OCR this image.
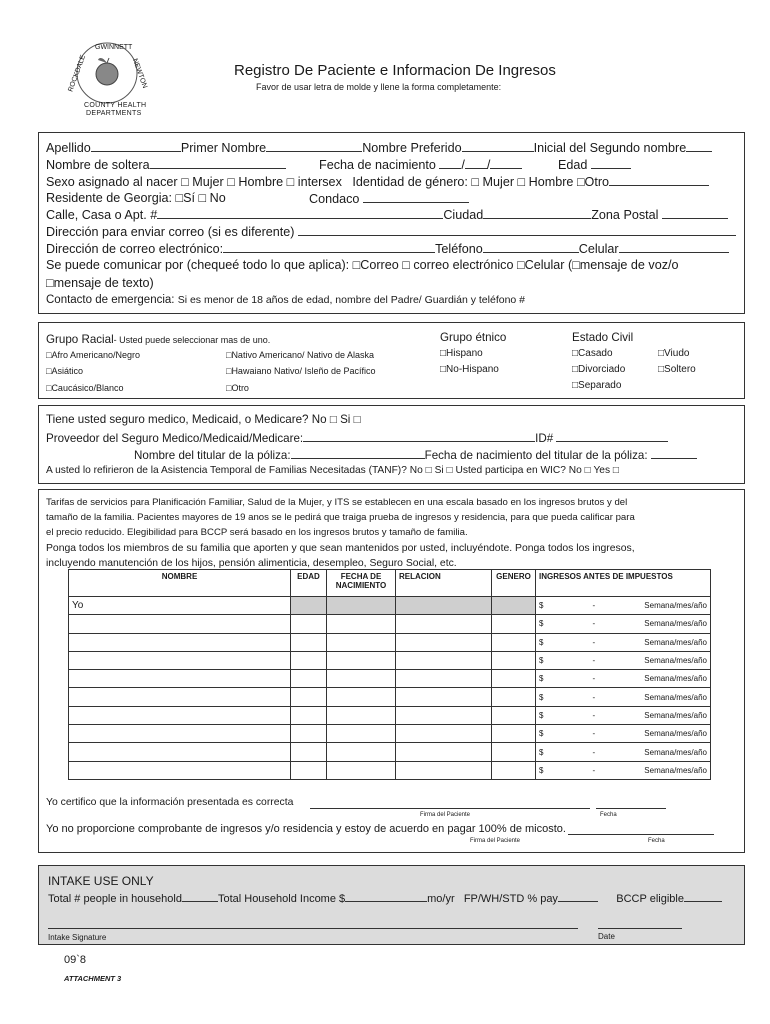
GWINNETT
ROCKDALE	NEWTON
COUNTY HEALTH
DEPARTMENTS
Registro De Paciente e Informacion De Ingresos
Favor de usar letra de molde y llene la forma completamente:
Apellido	Primer Nombre	Nombre Preferido	Inicial del Segundo nombre
Nombre de soltera	Fecha de nacimiento / /	Edad
Sexo asignado al nacer □ Mujer □ Hombre □ intersex Identidad de género: □ Mujer □ Hombre □Otro
Residente de Georgia: □Sí □ No	Condaco
Calle, Casa o Apt. #	Ciudad	Zona Postal
Dirección para enviar correo (si es diferente)
Dirección de correo electrónico:	Teléfono	Celular
Se puede comunicar por (chequeé todo lo que aplica): □Correo □ correo electrónico □Celular (□mensaje de voz/o
□mensaje de texto)
Contacto de emergencia: Si es menor de 18 años de edad, nombre del Padre/ Guardián y teléfono #
Grupo Racial- Usted puede seleccionar mas de uno.
□Afro Americano/Negro
□Asiático
□Caucásico/Blanco
□Nativo Americano/ Nativo de Alaska
□Hawaiano Nativo/ Isleño de Pacífico
□Otro
Grupo étnico
□Hispano
□No-Hispano
Estado Civil
□Casado	□Viudo
□Divorciado	□Soltero
□Separado
Tiene usted seguro medico, Medicaid, o Medicare? No □ Si □
Proveedor del Seguro Medico/Medicaid/Medicare:	ID#
Nombre del titular de la póliza:	Fecha de nacimiento del titular de la póliza:
A usted lo refirieron de la Asistencia Temporal de Familias Necesitadas (TANF)? No □ Si □ Usted participa en WIC? No □ Yes □
Tarifas de servicios para Planificación Familiar, Salud de la Mujer, y ITS se establecen en una escala basado en los ingresos brutos y del
tamaño de la familia. Pacientes mayores de 19 anos se le pedirá que traiga prueba de ingresos y residencia, para que pueda calificar para
el precio reducido. Elegibilidad para BCCP será basado en los ingresos brutos y tamaño de familia.
Ponga todos los miembros de su familia que aporten y que sean mantenidos por usted, incluyéndote. Ponga todos los ingresos,
incluyendo manutención de los hijos, pensión alimenticia, desempleo, Seguro Social, etc.
NOMBRE	EDAD	FECHA DE NACIMIENTO	RELACION	GENERO	INGRESOS ANTES DE IMPUESTOS
Yo					$ - Semana/mes/año

					$ - Semana/mes/año

					$ - Semana/mes/año

					$ - Semana/mes/año

					$ - Semana/mes/año

					$ - Semana/mes/año

					$ - Semana/mes/año

					$ - Semana/mes/año

					$ - Semana/mes/año

					$ - Semana/mes/año
Yo certifico que la información presentada es correcta
Firma del Paciente	Fecha
Yo no proporcione comprobante de ingresos y/o residencia y estoy de acuerdo en pagar 100% de micosto.
Firma del Paciente	Fecha
INTAKE USE ONLY
Total # people in household	Total Household Income $	mo/yr FP/WH/STD % pay	BCCP eligible
Intake Signature	Date
09`8
ATTACHMENT 3
